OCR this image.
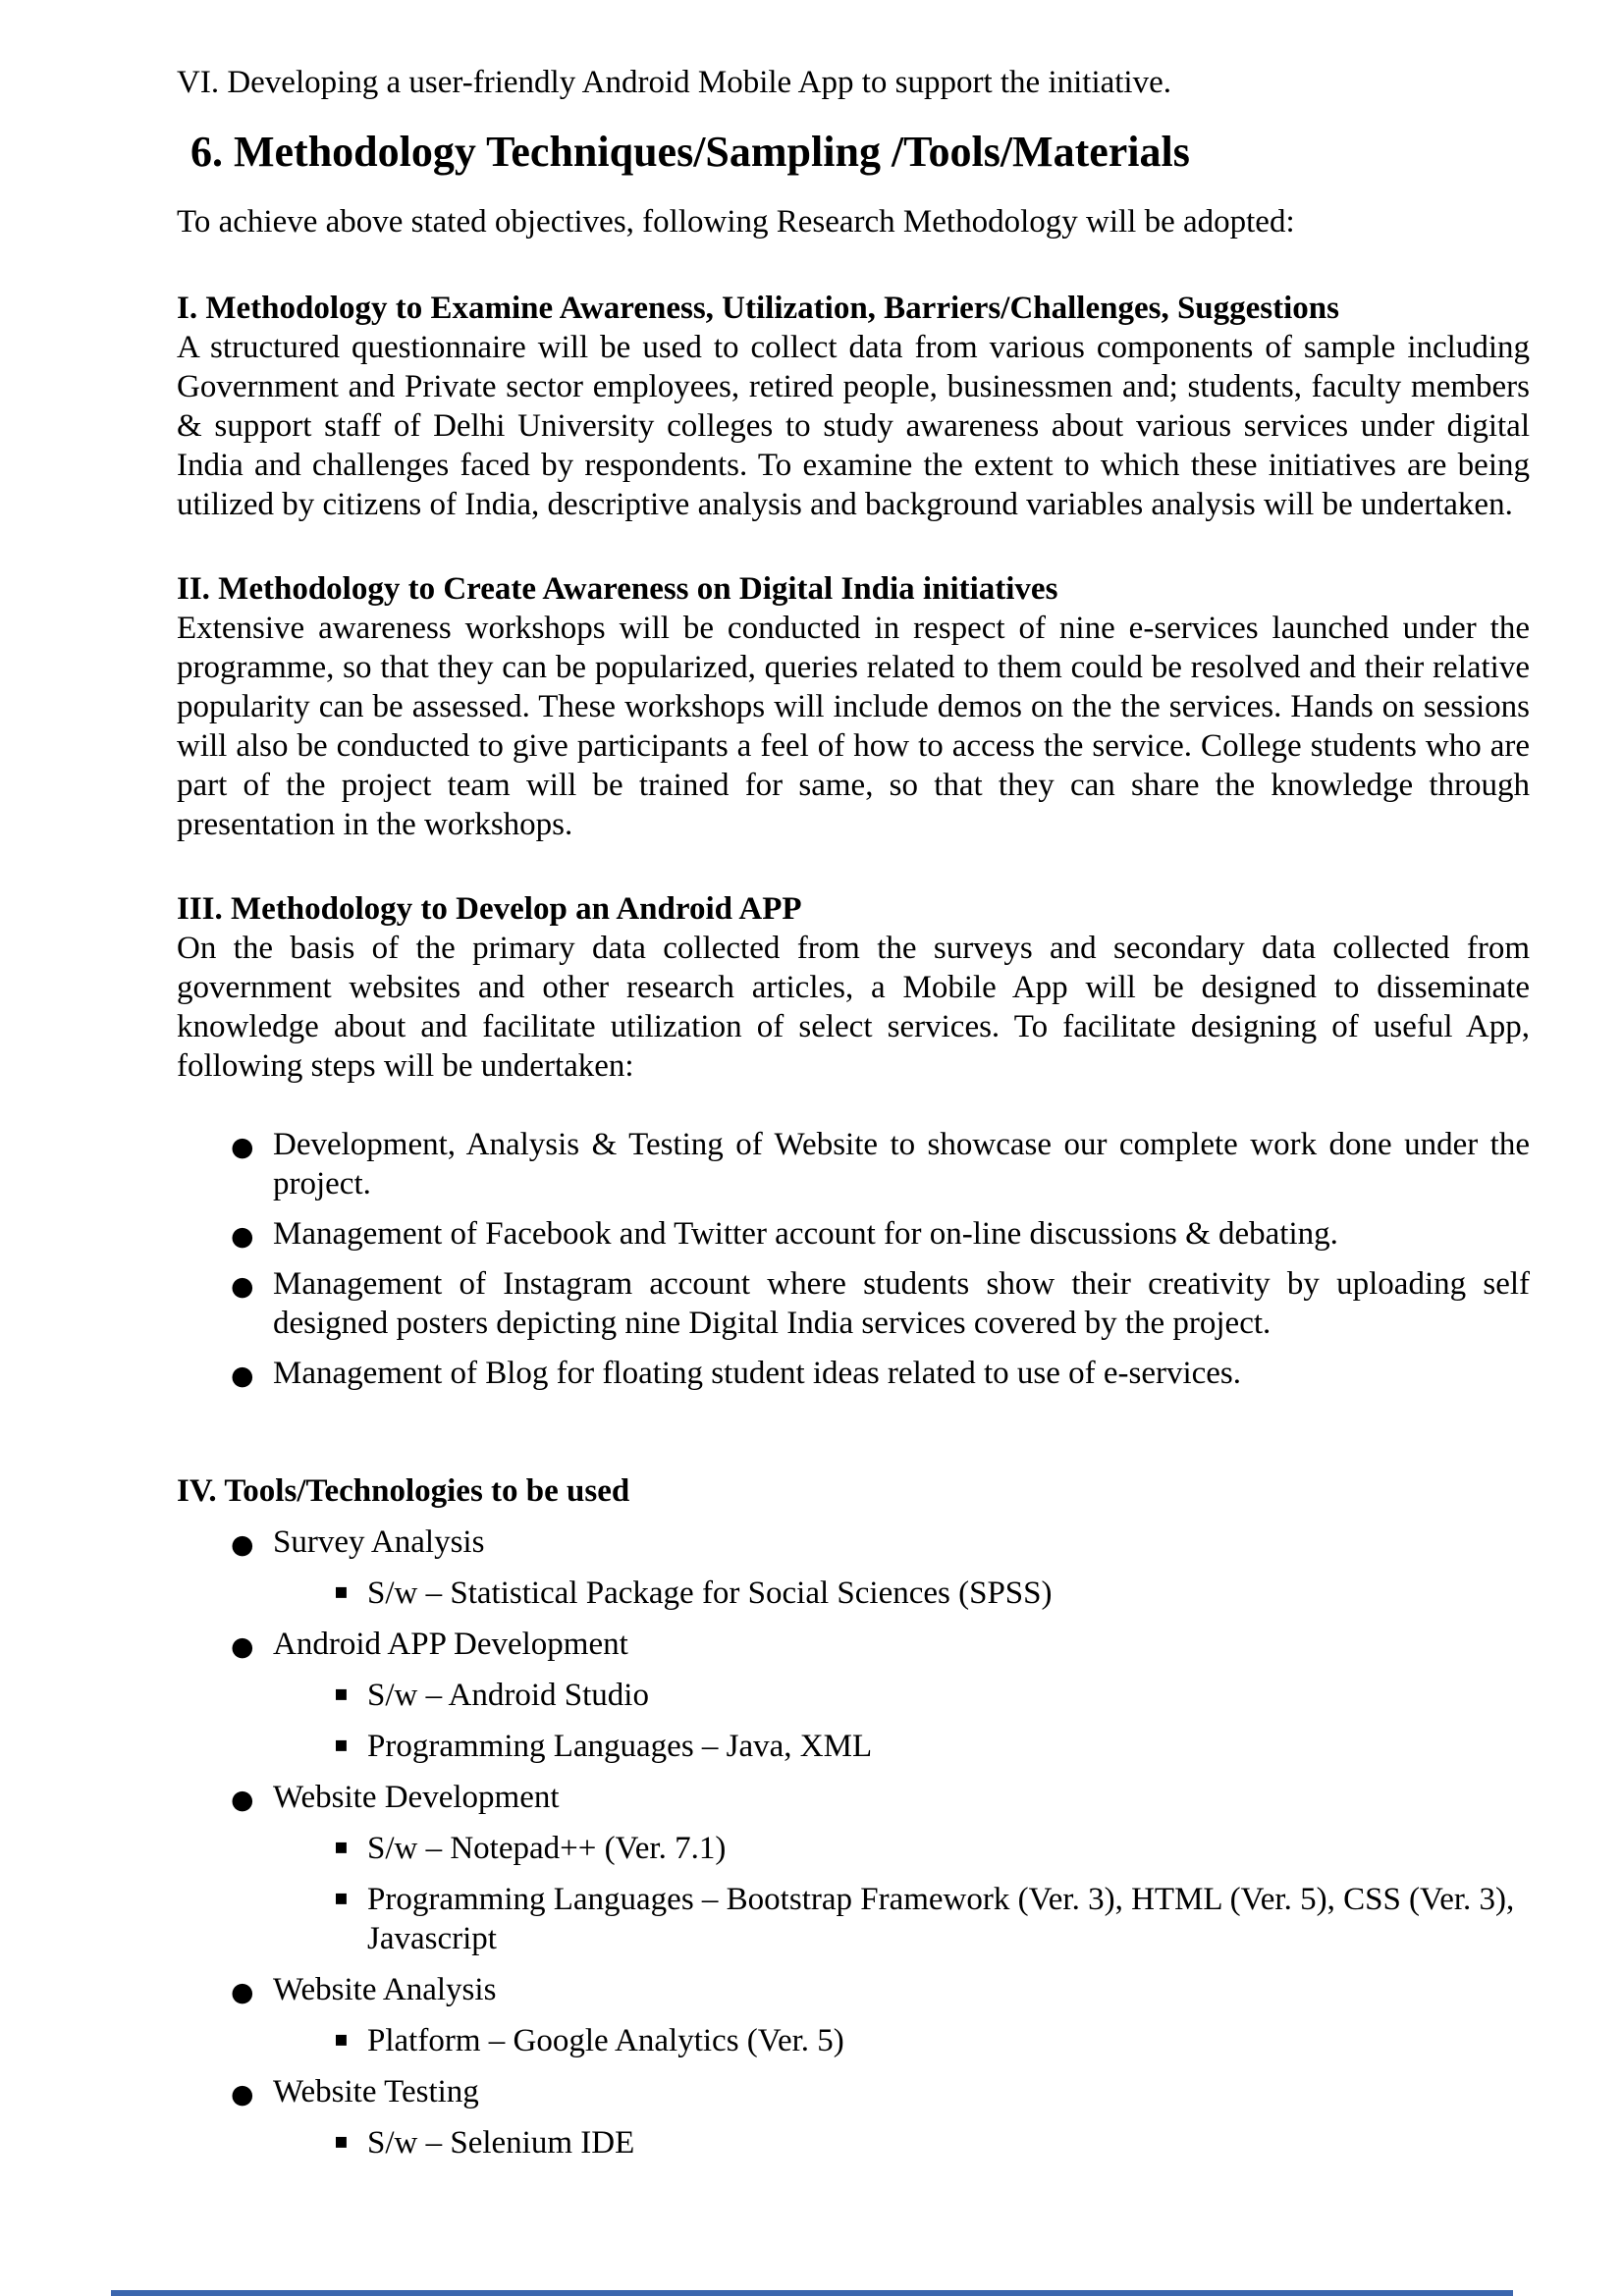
VI. Developing a user-friendly Android Mobile App to support the initiative.

6. Methodology Techniques/Sampling /Tools/Materials

To achieve above stated objectives, following Research Methodology will be adopted:

I. Methodology to Examine Awareness, Utilization, Barriers/Challenges, Suggestions

A structured questionnaire will be used to collect data from various components of sample including Government and Private sector employees, retired people, businessmen and; students, faculty members & support staff of Delhi University colleges to study awareness about various services under digital India and challenges faced by respondents. To examine the extent to which these initiatives are being utilized by citizens of India, descriptive analysis and background variables analysis will be undertaken.

II. Methodology to Create Awareness on Digital India initiatives

Extensive awareness workshops will be conducted in respect of nine e-services launched under the programme, so that they can be popularized, queries related to them could be resolved and their relative popularity can be assessed. These workshops will include demos on the the services. Hands on sessions will also be conducted to give participants a feel of how to access the service. College students who are part of the project team will be trained for same, so that they can share the knowledge through presentation in the workshops.

III. Methodology to Develop an Android APP

On the basis of the primary data collected from the surveys and secondary data collected from government websites and other research articles, a Mobile App will be designed to disseminate knowledge about and facilitate utilization of select services. To facilitate designing of useful App, following steps will be undertaken:

● Development, Analysis & Testing of Website to showcase our complete work done under the project.
● Management of Facebook and Twitter account for on-line discussions & debating.
● Management of Instagram account where students show their creativity by uploading self designed posters depicting nine Digital India services covered by the project.
● Management of Blog for floating student ideas related to use of e-services.

IV. Tools/Technologies to be used

● Survey Analysis
▪ S/w – Statistical Package for Social Sciences (SPSS)
● Android APP Development
▪ S/w – Android Studio
▪ Programming Languages – Java, XML
● Website Development
▪ S/w – Notepad++ (Ver. 7.1)
▪ Programming Languages – Bootstrap Framework (Ver. 3), HTML (Ver. 5), CSS (Ver. 3), Javascript
● Website Analysis
▪ Platform – Google Analytics (Ver. 5)
● Website Testing
▪ S/w – Selenium IDE
